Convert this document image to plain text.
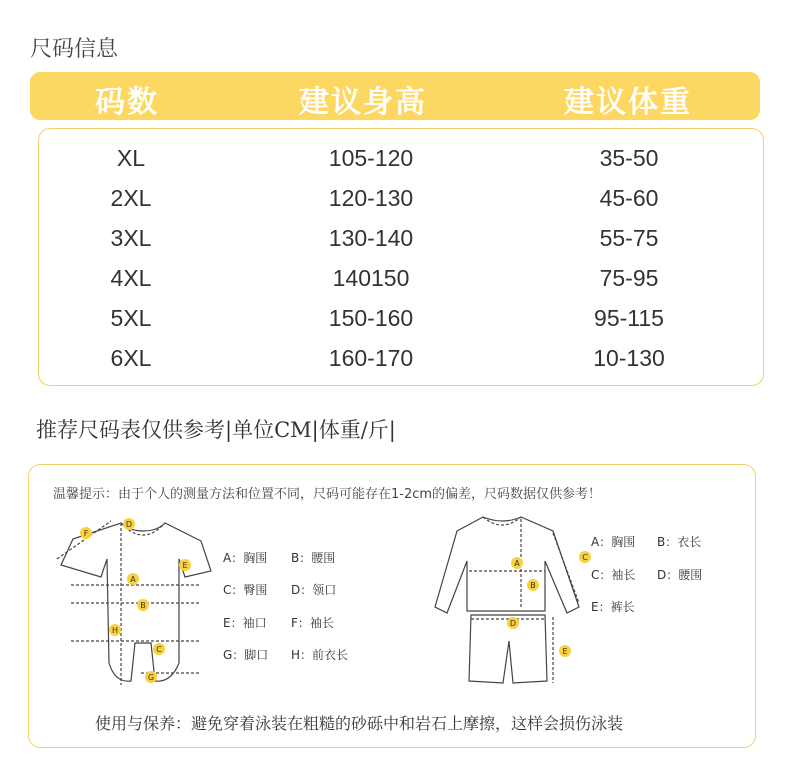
尺码信息
码数	建议身高	建议体重
XL	105-120	35-50
2XL	120-130	45-60
3XL	130-140	55-75
4XL	140150	75-95
5XL	150-160	95-115
6XL	160-170	10-130
推荐尺码表仅供参考|单位CM|体重/斤|
温馨提示：由于个人的测量方法和位置不同，尺码可能存在1-2cm的偏差，尺码数据仅供参考！
F
D
E
A
B
H
C
G
A：胸围 B：腰围
C：臀围 D：领口
E：袖口 F：袖长
G：脚口 H：前衣长
A
B
C
D
E
A：胸围 B：衣长
C：袖长 D：腰围
E：裤长
使用与保养：避免穿着泳装在粗糙的砂砾中和岩石上摩擦，这样会损伤泳装
